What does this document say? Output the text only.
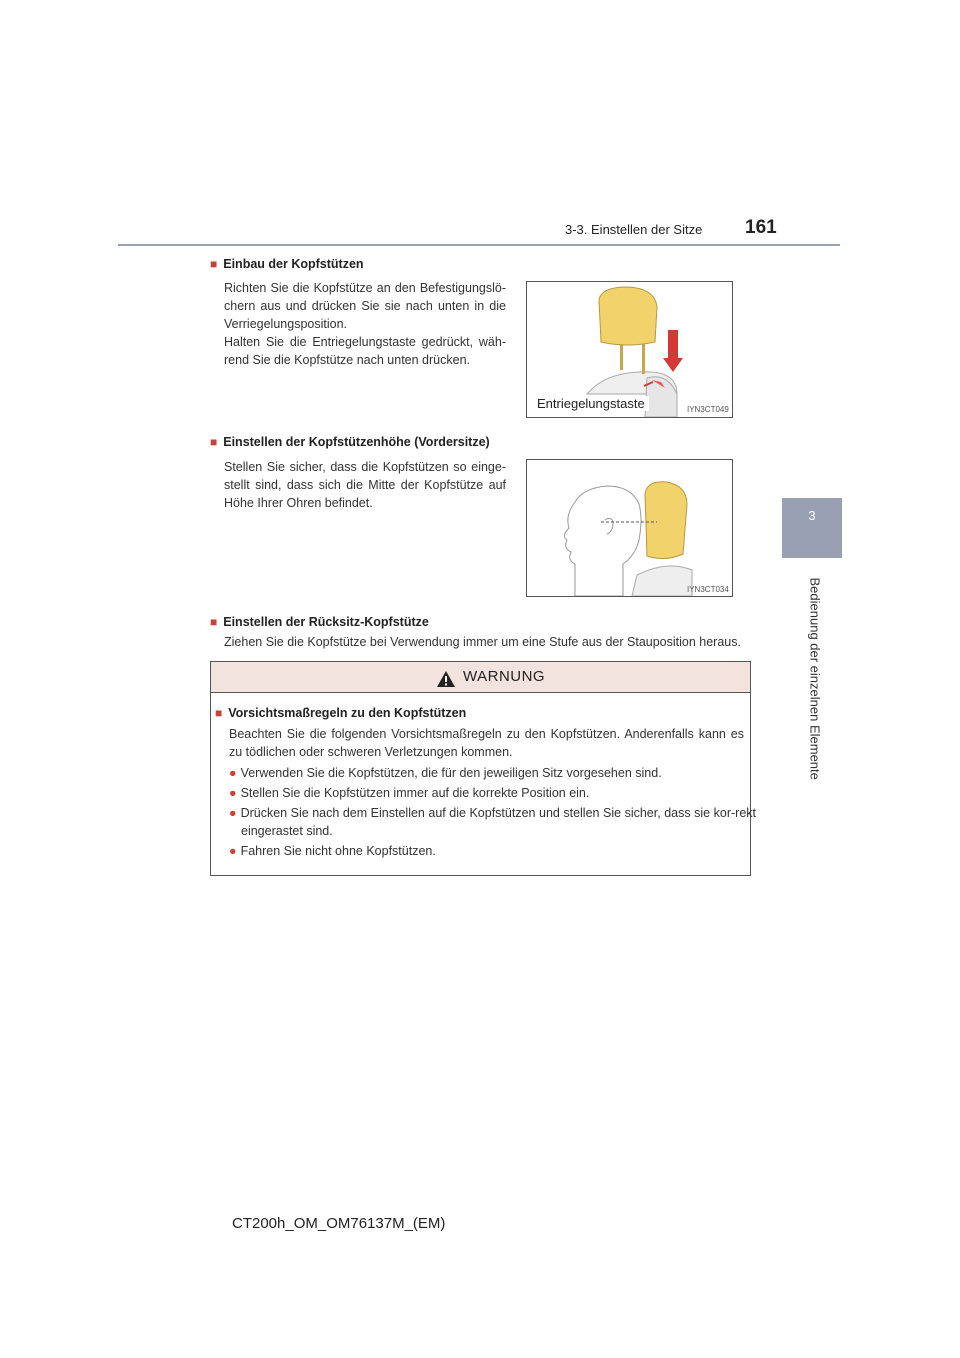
3-3. Einstellen der Sitze 161
3
Bedienung der einzelnen Elemente
■ Einbau der Kopfstützen
Richten Sie die Kopfstütze an den Befestigungslö-chern aus und drücken Sie sie nach unten in die Verriegelungsposition.
Halten Sie die Entriegelungstaste gedrückt, wäh-rend Sie die Kopfstütze nach unten drücken.
Entriegelungstaste	IYN3CT049
■ Einstellen der Kopfstützenhöhe (Vordersitze)
Stellen Sie sicher, dass die Kopfstützen so einge-stellt sind, dass sich die Mitte der Kopfstütze auf Höhe Ihrer Ohren befindet.
IYN3CT034
■ Einstellen der Rücksitz-Kopfstütze
Ziehen Sie die Kopfstütze bei Verwendung immer um eine Stufe aus der Stauposition heraus.
WARNUNG
■ Vorsichtsmaßregeln zu den Kopfstützen
Beachten Sie die folgenden Vorsichtsmaßregeln zu den Kopfstützen. Anderenfalls kann es zu tödlichen oder schweren Verletzungen kommen.
● Verwenden Sie die Kopfstützen, die für den jeweiligen Sitz vorgesehen sind.
● Stellen Sie die Kopfstützen immer auf die korrekte Position ein.
● Drücken Sie nach dem Einstellen auf die Kopfstützen und stellen Sie sicher, dass sie kor-rekt eingerastet sind.
● Fahren Sie nicht ohne Kopfstützen.
CT200h_OM_OM76137M_(EM)
